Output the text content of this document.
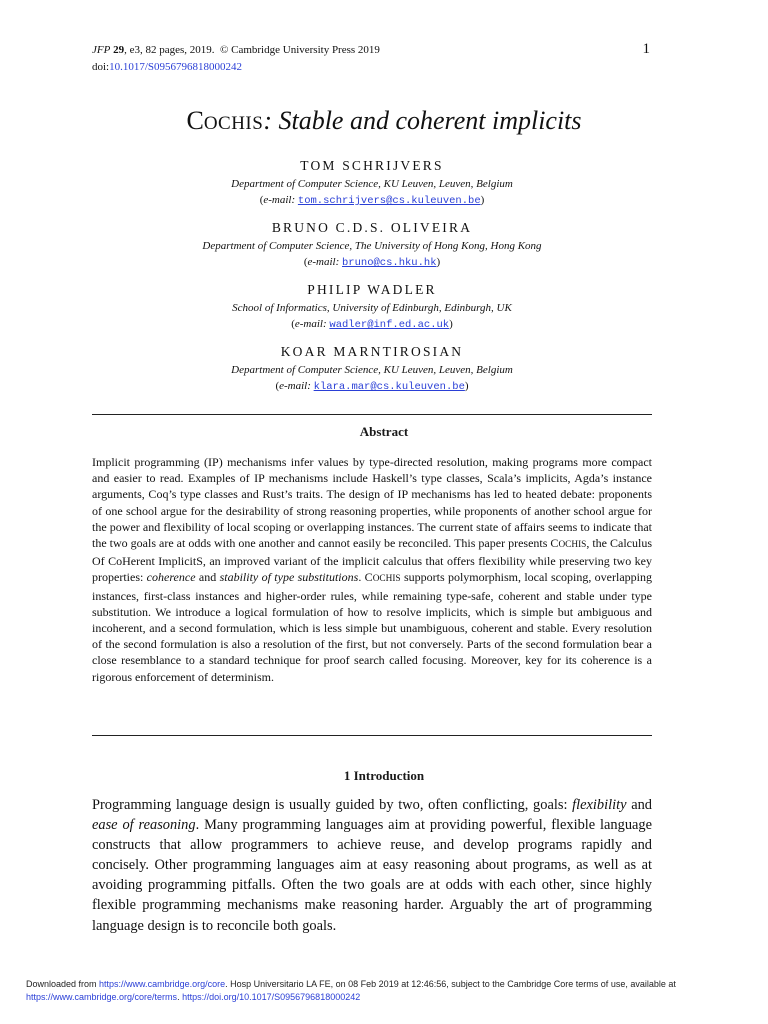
JFP 29, e3, 82 pages, 2019. © Cambridge University Press 2019
doi:10.1017/S0956796818000242
1
COCHIS: Stable and coherent implicits
TOM SCHRIJVERS
Department of Computer Science, KU Leuven, Leuven, Belgium
(e-mail: tom.schrijvers@cs.kuleuven.be)
BRUNO C.D.S. OLIVEIRA
Department of Computer Science, The University of Hong Kong, Hong Kong
(e-mail: bruno@cs.hku.hk)
PHILIP WADLER
School of Informatics, University of Edinburgh, Edinburgh, UK
(e-mail: wadler@inf.ed.ac.uk)
KOAR MARNTIROSIAN
Department of Computer Science, KU Leuven, Leuven, Belgium
(e-mail: klara.mar@cs.kuleuven.be)
Abstract
Implicit programming (IP) mechanisms infer values by type-directed resolution, making programs more compact and easier to read. Examples of IP mechanisms include Haskell’s type classes, Scala’s implicits, Agda’s instance arguments, Coq’s type classes and Rust’s traits. The design of IP mechanisms has led to heated debate: proponents of one school argue for the desirability of strong reasoning properties, while proponents of another school argue for the power and flexibility of local scoping or overlapping instances. The current state of affairs seems to indicate that the two goals are at odds with one another and cannot easily be reconciled. This paper presents COCHIS, the Calculus Of CoHerent ImplicitS, an improved variant of the implicit calculus that offers flexibility while preserving two key properties: coherence and stability of type substitutions. COCHIS supports polymorphism, local scoping, overlapping instances, first-class instances and higher-order rules, while remaining type-safe, coherent and stable under type substitution. We introduce a logical formulation of how to resolve implicits, which is simple but ambiguous and incoherent, and a second formulation, which is less simple but unambiguous, coherent and stable. Every resolution of the second formulation is also a resolution of the first, but not conversely. Parts of the second formulation bear a close resemblance to a standard technique for proof search called focusing. Moreover, key for its coherence is a rigorous enforcement of determinism.
1 Introduction
Programming language design is usually guided by two, often conflicting, goals: flexibility and ease of reasoning. Many programming languages aim at providing powerful, flexible language constructs that allow programmers to achieve reuse, and develop programs rapidly and concisely. Other programming languages aim at easy reasoning about programs, as well as at avoiding programming pitfalls. Often the two goals are at odds with each other, since highly flexible programming mechanisms make reasoning harder. Arguably the art of programming language design is to reconcile both goals.
Downloaded from https://www.cambridge.org/core. Hosp Universitario LA FE, on 08 Feb 2019 at 12:46:56, subject to the Cambridge Core terms of use, available at
https://www.cambridge.org/core/terms. https://doi.org/10.1017/S0956796818000242
